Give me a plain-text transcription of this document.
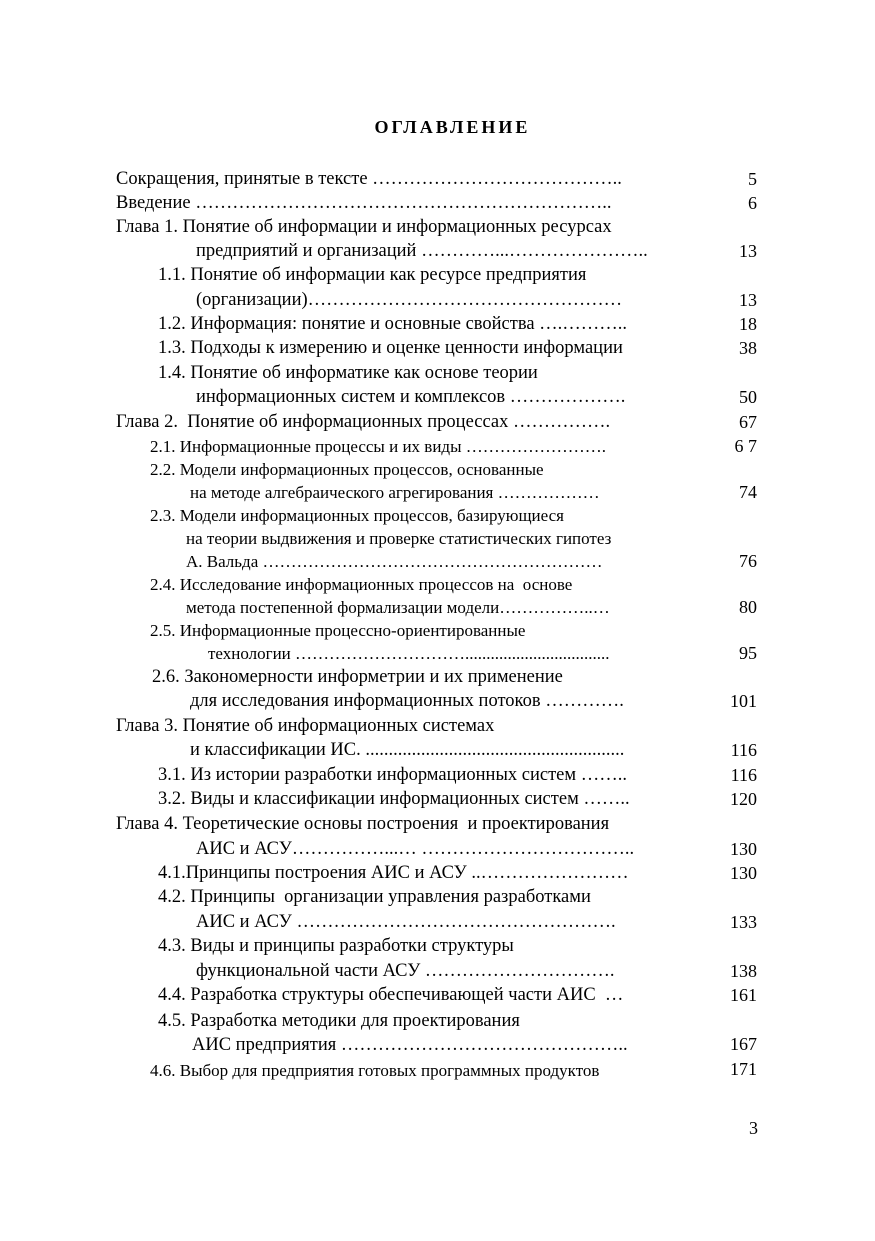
ОГЛАВЛЕНИЕ
Сокращения, принятые в тексте …………………………………..	5
Введение …………………………………………………………..	6
Глава 1. Понятие об информации и информационных ресурсах
предприятий и организаций …………...…………………..	13
1.1. Понятие об информации как ресурсе предприятия
(организации)……………………………………………	13
1.2. Информация: понятие и основные свойства ….………..	18
1.3. Подходы к измерению и оценке ценности информации	38
1.4. Понятие об информатике как основе теории
информационных систем и комплексов ……………….	50
Глава 2.  Понятие об информационных процессах …………….	67
2.1. Информационные процессы и их виды …………………….	6 7
2.2. Модели информационных процессов, основанные
на методе алгебраического агрегирования ………………	74
2.3. Модели информационных процессов, базирующиеся
на теории выдвижения и проверке статистических гипотез
А. Вальда ……………………………………………………	76
2.4. Исследование информационных процессов на  основе
метода постепенной формализации модели……………..…	80
2.5. Информационные процессно-ориентированные
технологии …………………………..................................	95
2.6. Закономерности информетрии и их применение
для исследования информационных потоков ………….	101
Глава 3. Понятие об информационных системах
и классификации ИС. ........................................................	116
3.1. Из истории разработки информационных систем ……..	116
3.2. Виды и классификации информационных систем ……..	120
Глава 4. Теоретические основы построения  и проектирования
АИС и АСУ……………...… ……………………………..	130
4.1.Принципы построения АИС и АСУ ..……………………	130
4.2. Принципы  организации управления разработками
АИС и АСУ …………………………………………….	133
4.3. Виды и принципы разработки структуры
функциональной части АСУ ………………………….	138
4.4. Разработка структуры обеспечивающей части АИС  …	161
4.5. Разработка методики для проектирования
АИС предприятия ………………………………………..	167
4.6. Выбор для предприятия готовых программных продуктов	171
3
